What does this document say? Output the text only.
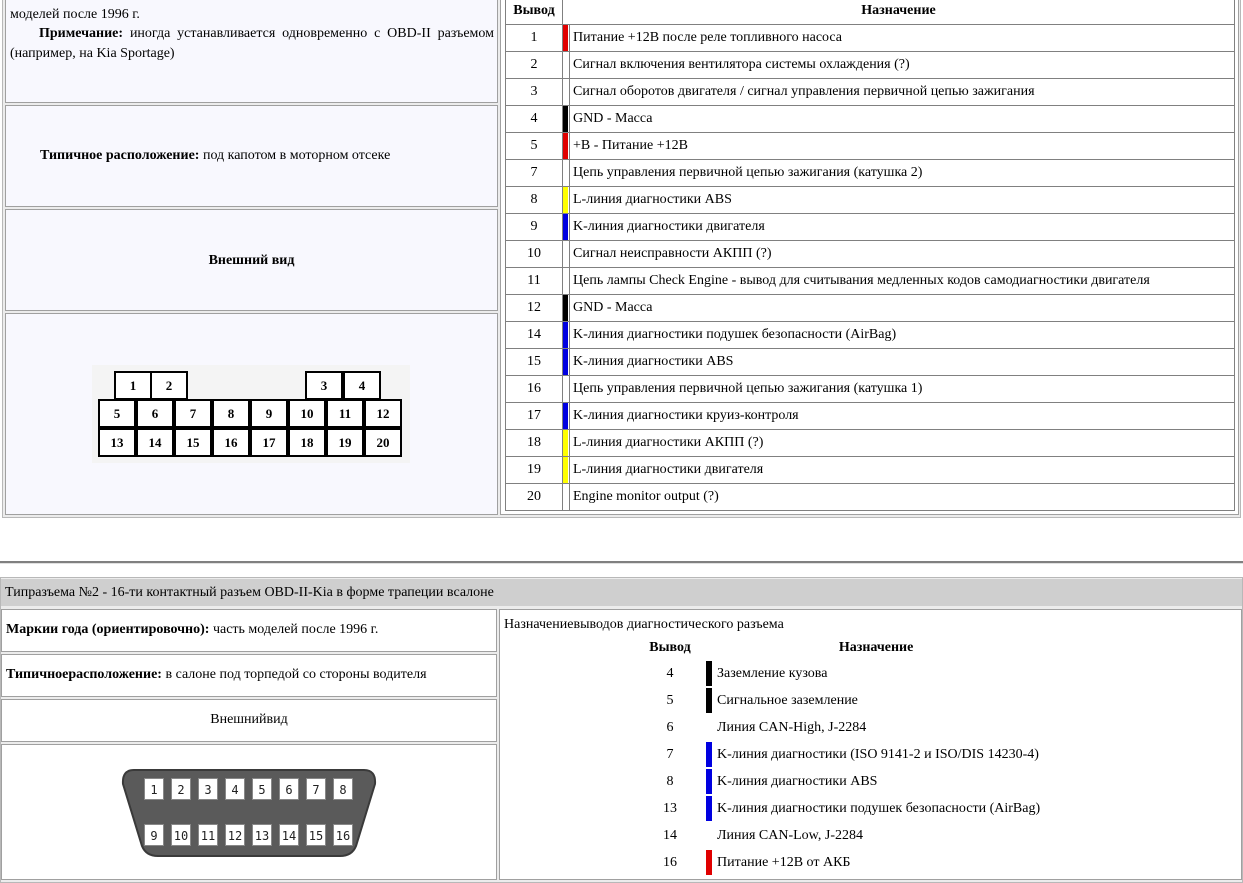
моделей после 1996 г.
Примечание: иногда устанавливается одновременно с OBD-II разъемом (например, на Kia Sportage)
Типичное расположение: под капотом в моторном отсеке
Внешний вид
1	2	3	4
5	6	7	8	9	10	11	12
13	14	15	16	17	18	19	20
Вывод	Назначение	
1		Питание +12В после реле топливного насоса
2		Сигнал включения вентилятора системы охлаждения (?)
3		Сигнал оборотов двигателя / сигнал управления первичной цепью зажигания
4		GND - Масса
5		+B - Питание +12В
7		Цепь управления первичной цепью зажигания (катушка 2)
8		L-линия диагностики ABS
9		K-линия диагностики двигателя
10		Сигнал неисправности АКПП (?)
11		Цепь лампы Check Engine - вывод для считывания медленных кодов самодиагностики двигателя
12		GND - Масса
14		K-линия диагностики подушек безопасности (AirBag)
15		K-линия диагностики ABS
16		Цепь управления первичной цепью зажигания (катушка 1)
17		K-линия диагностики круиз-контроля
18		L-линия диагностики АКПП (?)
19		L-линия диагностики двигателя
20		Engine monitor output (?)
Типразъема №2 - 16-ти контактный разъем OBD-II-Kia в форме трапеции всалоне
Маркии года (ориентировочно): часть моделей после 1996 г.
Типичноерасположение: в салоне под торпедой со стороны водителя
Внешнийвид
1	2	3	4	5	6	7	8
9	10 11 12 13 14 15 16
Назначениевыводов диагностического разъема
Вывод		Назначение
4		Заземление кузова
5		Сигнальное заземление
6		Линия CAN-High, J-2284
7		K-линия диагностики (ISO 9141-2 и ISO/DIS 14230-4)
8		K-линия диагностики ABS
13		K-линия диагностики подушек безопасности (AirBag)
14		Линия CAN-Low, J-2284
16		Питание +12В от АКБ
